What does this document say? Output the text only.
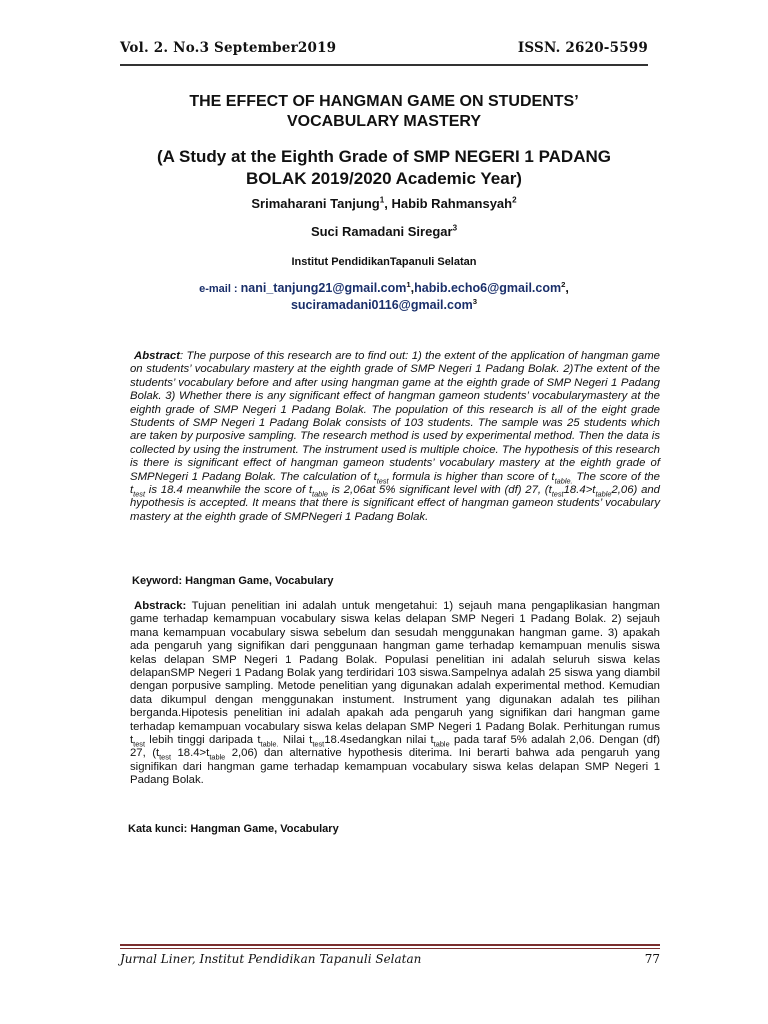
Vol. 2. No.3 September2019	ISSN. 2620-5599

THE EFFECT OF HANGMAN GAME ON STUDENTS’

VOCABULARY MASTERY

(A Study at the Eighth Grade of SMP NEGERI 1 PADANG

BOLAK 2019/2020 Academic Year)

Srimaharani Tanjung$^1$, Habib Rahmansyah$^2$
Suci Ramadani Siregar$^3$
Institut PendidikanTapanuli Selatan
e-mail : nani_tanjung21@gmail.com$^1$,habib.echo6@gmail.com$^2$,
suciramadani0116@gmail.com$^3$

Abstract: The purpose of this research are to find out: 1) the extent of the application of hangman game on students’ vocabulary mastery at the eighth grade of SMP Negeri 1 Padang Bolak. 2)The extent of the students’ vocabulary before and after using hangman game at the eighth grade of SMP Negeri 1 Padang Bolak. 3) Whether there is any significant effect of hangman gameon students’ vocabularymastery at the eighth grade of SMP Negeri 1 Padang Bolak. The population of this research is all of the eight grade Students of SMP Negeri 1 Padang Bolak consists of 103 students. The sample was 25 students which are taken by purposive sampling. The research method is used by experimental method. Then the data is collected by using the instrument. The instrument used is multiple choice. The hypothesis of this research is there is significant effect of hangman gameon students’ vocabulary mastery at the eighth grade of SMPNegeri 1 Padang Bolak. The calculation of $t_{test}$ formula is higher than score of $t_{table.}$ The score of the $t_{test}$ is 18.4 meanwhile the score of $t_{table}$ is 2,06at 5% significant level with (df) 27, $(t_{test}18.4>t_{table}2,06)$ and hypothesis is accepted. It means that there is significant effect of hangman gameon students’ vocabulary mastery at the eighth grade of SMPNegeri 1 Padang Bolak.

Keyword: Hangman Game, Vocabulary

Abstrack: Tujuan penelitian ini adalah untuk mengetahui: 1) sejauh mana pengaplikasian hangman game terhadap kemampuan vocabulary siswa kelas delapan SMP Negeri 1 Padang Bolak. 2) sejauh mana kemampuan vocabulary siswa sebelum dan sesudah menggunakan hangman game. 3) apakah ada pengaruh yang signifikan dari penggunaan hangman game terhadap kemampuan menulis siswa kelas delapan SMP Negeri 1 Padang Bolak. Populasi penelitian ini adalah seluruh siswa kelas delapanSMP Negeri 1 Padang Bolak yang terdiridari 103 siswa.Sampelnya adalah 25 siswa yang diambil dengan porpusive sampling. Metode penelitian yang digunakan adalah experimental method. Kemudian data dikumpul dengan menggunakan instument. Instrument yang digunakan adalah tes pilihan berganda.Hipotesis penelitian ini adalah apakah ada pengaruh yang signifikan dari hangman game terhadap kemampuan vocabulary siswa kelas delapan SMP Negeri 1 Padang Bolak. Perhitungan rumus $t_{test}$ lebih tinggi daripada $t_{table.}$ Nilai $t_{test}18.4sedangkan$ nilai $t_{table}$ pada taraf 5% adalah 2,06. Dengan (df) 27, ($t_{test}$ $18.4>t_{table}$ 2,06) dan alternative hypothesis diterima. Ini berarti bahwa ada pengaruh yang signifikan dari hangman game terhadap kemampuan vocabulary siswa kelas delapan SMP Negeri 1 Padang Bolak.

Kata kunci: Hangman Game, Vocabulary
Jurnal Liner, Institut Pendidikan Tapanuli Selatan	77
